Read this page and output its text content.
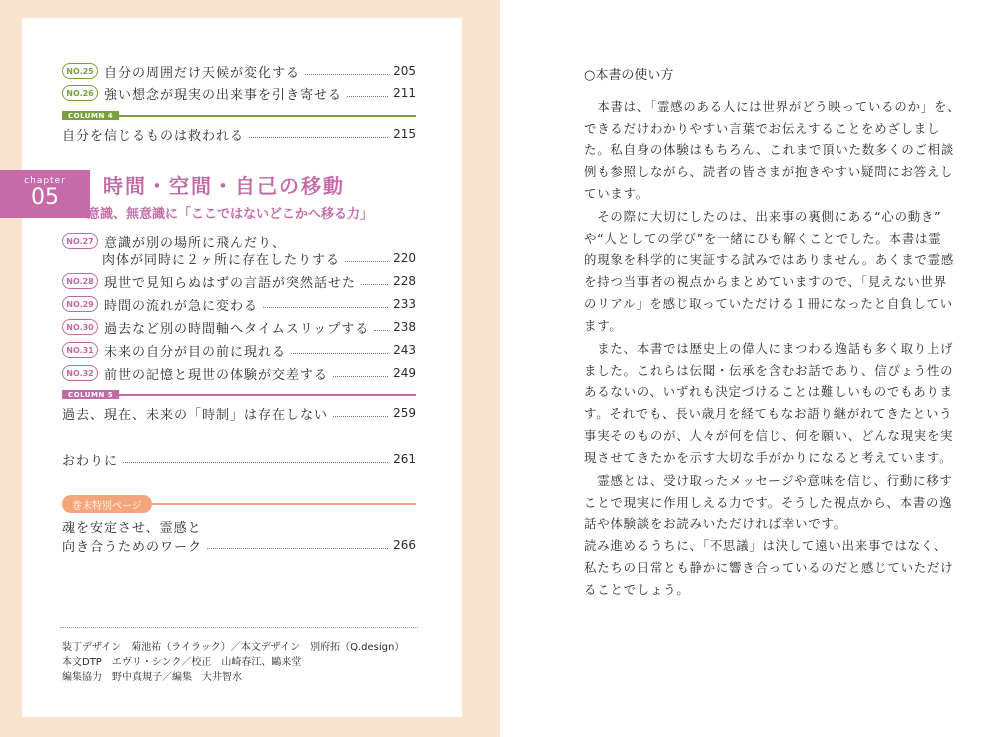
NO.25 自分の周囲だけ天候が変化する	205
NO.26 強い想念が現実の出来事を引き寄せる	211
COLUMN 4
自分を信じるものは救われる	215
chapter
05	時間・空間・自己の移動
意識、無意識に「ここではないどこかへ移る力」
NO.27 意識が別の場所に飛んだり、
肉体が同時に２ヶ所に存在したりする	220
NO.28 現世で見知らぬはずの言語が突然話せた	228
NO.29 時間の流れが急に変わる	233
NO.30 過去など別の時間軸へタイムスリップする 238
NO.31 未来の自分が目の前に現れる	243
NO.32 前世の記憶と現世の体験が交差する	249
COLUMN 5
過去、現在、未来の「時制」は存在しない	259
おわりに	261
巻末特別ページ
魂を安定させ、霊感と
向き合うためのワーク	266
装丁デザイン　菊池祐（ライラック）／本文デザイン　別府拓（Q.design）
本文DTP　エヴリ・シンク／校正　山崎春江、鷗来堂
編集協力　野中真規子／編集　大井智水
○本書の使い方

　本書は、「霊感のある人には世界がどう映っているのか」を、

できるだけわかりやすい言葉でお伝えすることをめざしまし

た。私自身の体験はもちろん、これまで頂いた数多くのご相談

例も参照しながら、読者の皆さまが抱きやすい疑問にお答えし

ています。

　その際に大切にしたのは、出来事の裏側にある“心の動き”

や“人としての学び”を一緒にひも解くことでした。本書は霊

的現象を科学的に実証する試みではありません。あくまで霊感

を持つ当事者の視点からまとめていますので、「見えない世界

のリアル」を感じ取っていただける１冊になったと自負してい

ます。

　また、本書では歴史上の偉人にまつわる逸話も多く取り上げ

ました。これらは伝聞・伝承を含むお話であり、信ぴょう性の

あるないの、いずれも決定づけることは難しいものでもありま

す。それでも、長い歳月を経てもなお語り継がれてきたという

事実そのものが、人々が何を信じ、何を願い、どんな現実を実

現させてきたかを示す大切な手がかりになると考えています。

　霊感とは、受け取ったメッセージや意味を信じ、行動に移す

ことで現実に作用しえる力です。そうした視点から、本書の逸

話や体験談をお読みいただければ幸いです。

読み進めるうちに、「不思議」は決して遠い出来事ではなく、

私たちの日常とも静かに響き合っているのだと感じていただけ

ることでしょう。
